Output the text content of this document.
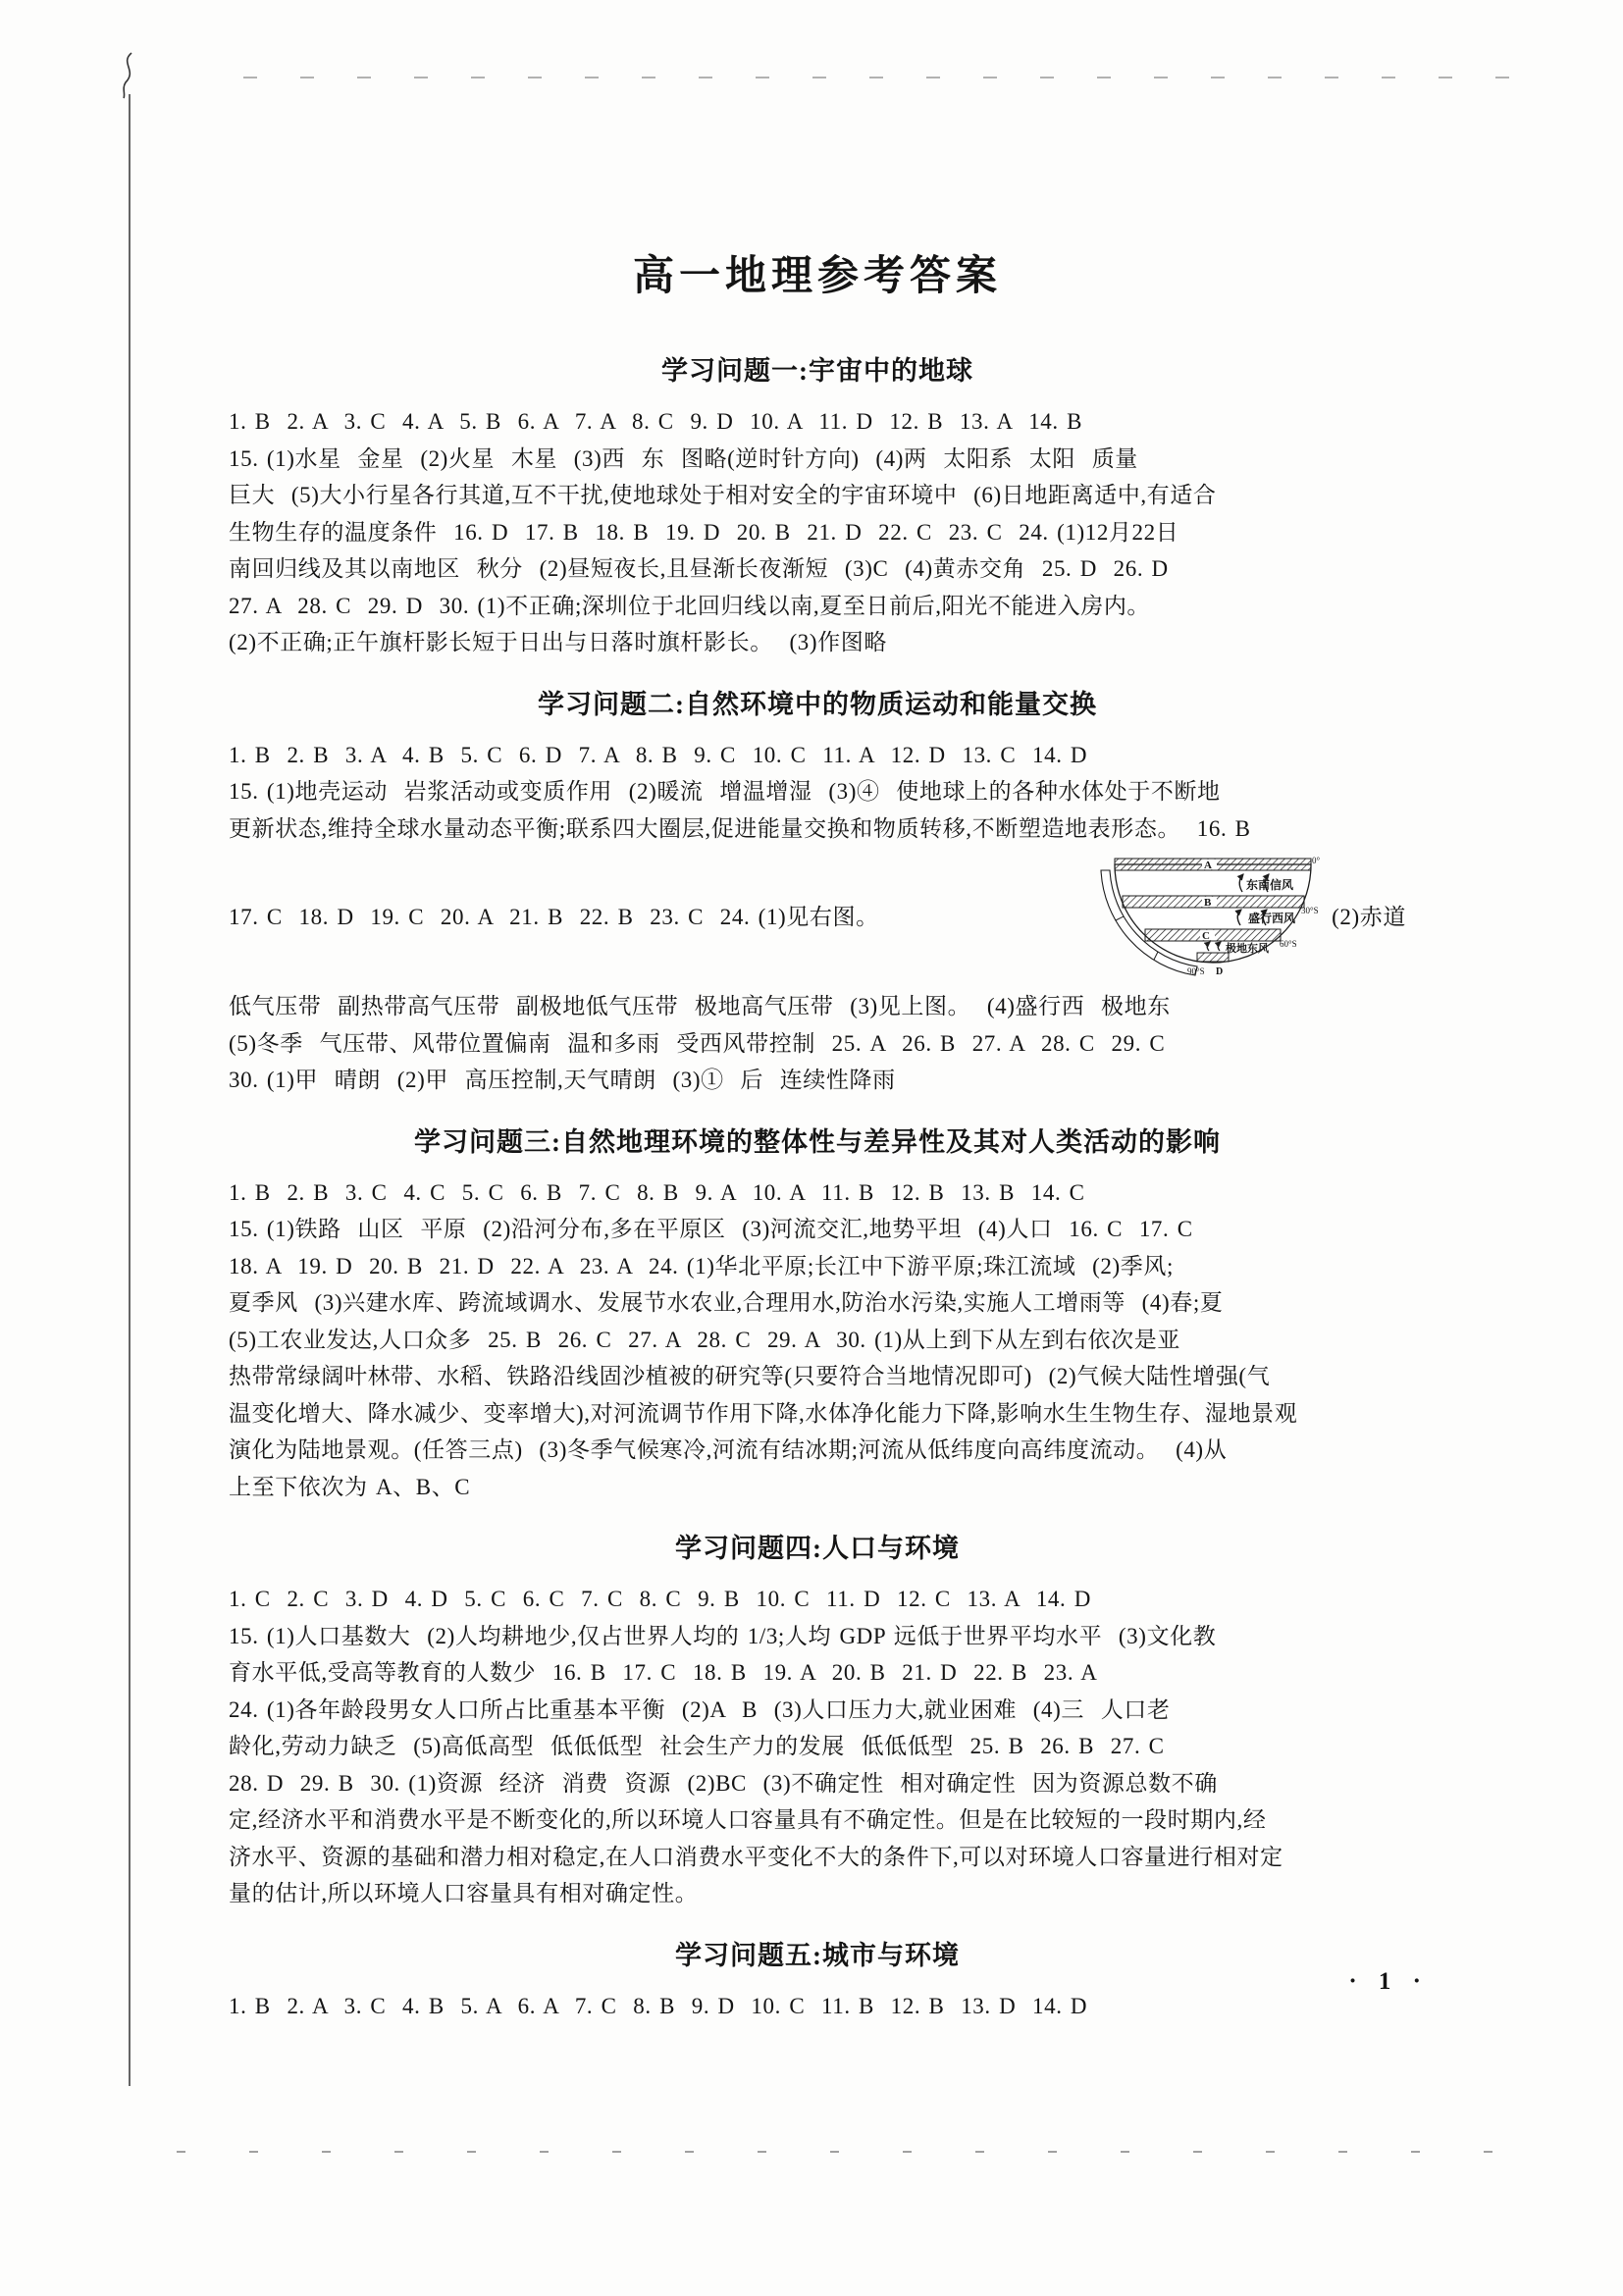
高一地理参考答案
学习问题一:宇宙中的地球
1. B  2. A  3. C  4. A  5. B  6. A  7. A  8. C  9. D  10. A  11. D  12. B  13. A  14. B
15. (1)水星  金星  (2)火星  木星  (3)西  东  图略(逆时针方向)  (4)两  太阳系  太阳  质量
巨大  (5)大小行星各行其道,互不干扰,使地球处于相对安全的宇宙环境中  (6)日地距离适中,有适合
生物生存的温度条件  16. D  17. B  18. B  19. D  20. B  21. D  22. C  23. C  24. (1)12月22日
南回归线及其以南地区  秋分  (2)昼短夜长,且昼渐长夜渐短  (3)C  (4)黄赤交角  25. D  26. D
27. A  28. C  29. D  30. (1)不正确;深圳位于北回归线以南,夏至日前后,阳光不能进入房内。
(2)不正确;正午旗杆影长短于日出与日落时旗杆影长。  (3)作图略
学习问题二:自然环境中的物质运动和能量交换
1. B  2. B  3. A  4. B  5. C  6. D  7. A  8. B  9. C  10. C  11. A  12. D  13. C  14. D
15. (1)地壳运动  岩浆活动或变质作用  (2)暖流  增温增湿  (3)④  使地球上的各种水体处于不断地
更新状态,维持全球水量动态平衡;联系四大圈层,促进能量交换和物质转移,不断塑造地表形态。  16. B
17. C  18. D  19. C  20. A  21. B  22. B  23. C  24. (1)见右图。
A	0°
B
30°S
C
60°S
90°S D
东南信风
盛行西风
极地东风
(2)赤道
低气压带  副热带高气压带  副极地低气压带  极地高气压带  (3)见上图。  (4)盛行西  极地东
(5)冬季  气压带、风带位置偏南  温和多雨  受西风带控制  25. A  26. B  27. A  28. C  29. C
30. (1)甲  晴朗  (2)甲  高压控制,天气晴朗  (3)①  后  连续性降雨
学习问题三:自然地理环境的整体性与差异性及其对人类活动的影响
1. B  2. B  3. C  4. C  5. C  6. B  7. C  8. B  9. A  10. A  11. B  12. B  13. B  14. C
15. (1)铁路  山区  平原  (2)沿河分布,多在平原区  (3)河流交汇,地势平坦  (4)人口  16. C  17. C
18. A  19. D  20. B  21. D  22. A  23. A  24. (1)华北平原;长江中下游平原;珠江流域  (2)季风;
夏季风  (3)兴建水库、跨流域调水、发展节水农业,合理用水,防治水污染,实施人工增雨等  (4)春;夏
(5)工农业发达,人口众多  25. B  26. C  27. A  28. C  29. A  30. (1)从上到下从左到右依次是亚
热带常绿阔叶林带、水稻、铁路沿线固沙植被的研究等(只要符合当地情况即可)  (2)气候大陆性增强(气
温变化增大、降水减少、变率增大),对河流调节作用下降,水体净化能力下降,影响水生生物生存、湿地景观
演化为陆地景观。(任答三点)  (3)冬季气候寒冷,河流有结冰期;河流从低纬度向高纬度流动。  (4)从
上至下依次为 A、B、C
学习问题四:人口与环境
1. C  2. C  3. D  4. D  5. C  6. C  7. C  8. C  9. B  10. C  11. D  12. C  13. A  14. D
15. (1)人口基数大  (2)人均耕地少,仅占世界人均的 1/3;人均 GDP 远低于世界平均水平  (3)文化教
育水平低,受高等教育的人数少  16. B  17. C  18. B  19. A  20. B  21. D  22. B  23. A
24. (1)各年龄段男女人口所占比重基本平衡  (2)A  B  (3)人口压力大,就业困难  (4)三  人口老
龄化,劳动力缺乏  (5)高低高型  低低低型  社会生产力的发展  低低低型  25. B  26. B  27. C
28. D  29. B  30. (1)资源  经济  消费  资源  (2)BC  (3)不确定性  相对确定性  因为资源总数不确
定,经济水平和消费水平是不断变化的,所以环境人口容量具有不确定性。但是在比较短的一段时期内,经
济水平、资源的基础和潜力相对稳定,在人口消费水平变化不大的条件下,可以对环境人口容量进行相对定
量的估计,所以环境人口容量具有相对确定性。
学习问题五:城市与环境
1. B  2. A  3. C  4. B  5. A  6. A  7. C  8. B  9. D  10. C  11. B  12. B  13. D  14. D
· 1 ·
